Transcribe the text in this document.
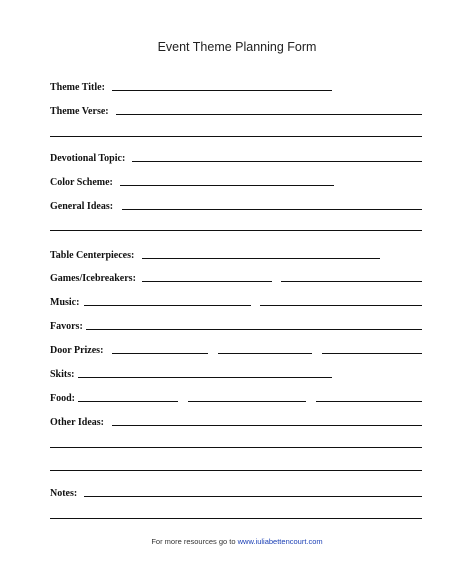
Event Theme Planning Form
Theme Title:
Theme Verse:
Devotional Topic:
Color Scheme:
General Ideas:
Table Centerpieces:
Games/Icebreakers:
Music:
Favors:
Door Prizes:
Skits:
Food:
Other Ideas:
Notes:
For more resources go to www.iuliabettencourt.com
